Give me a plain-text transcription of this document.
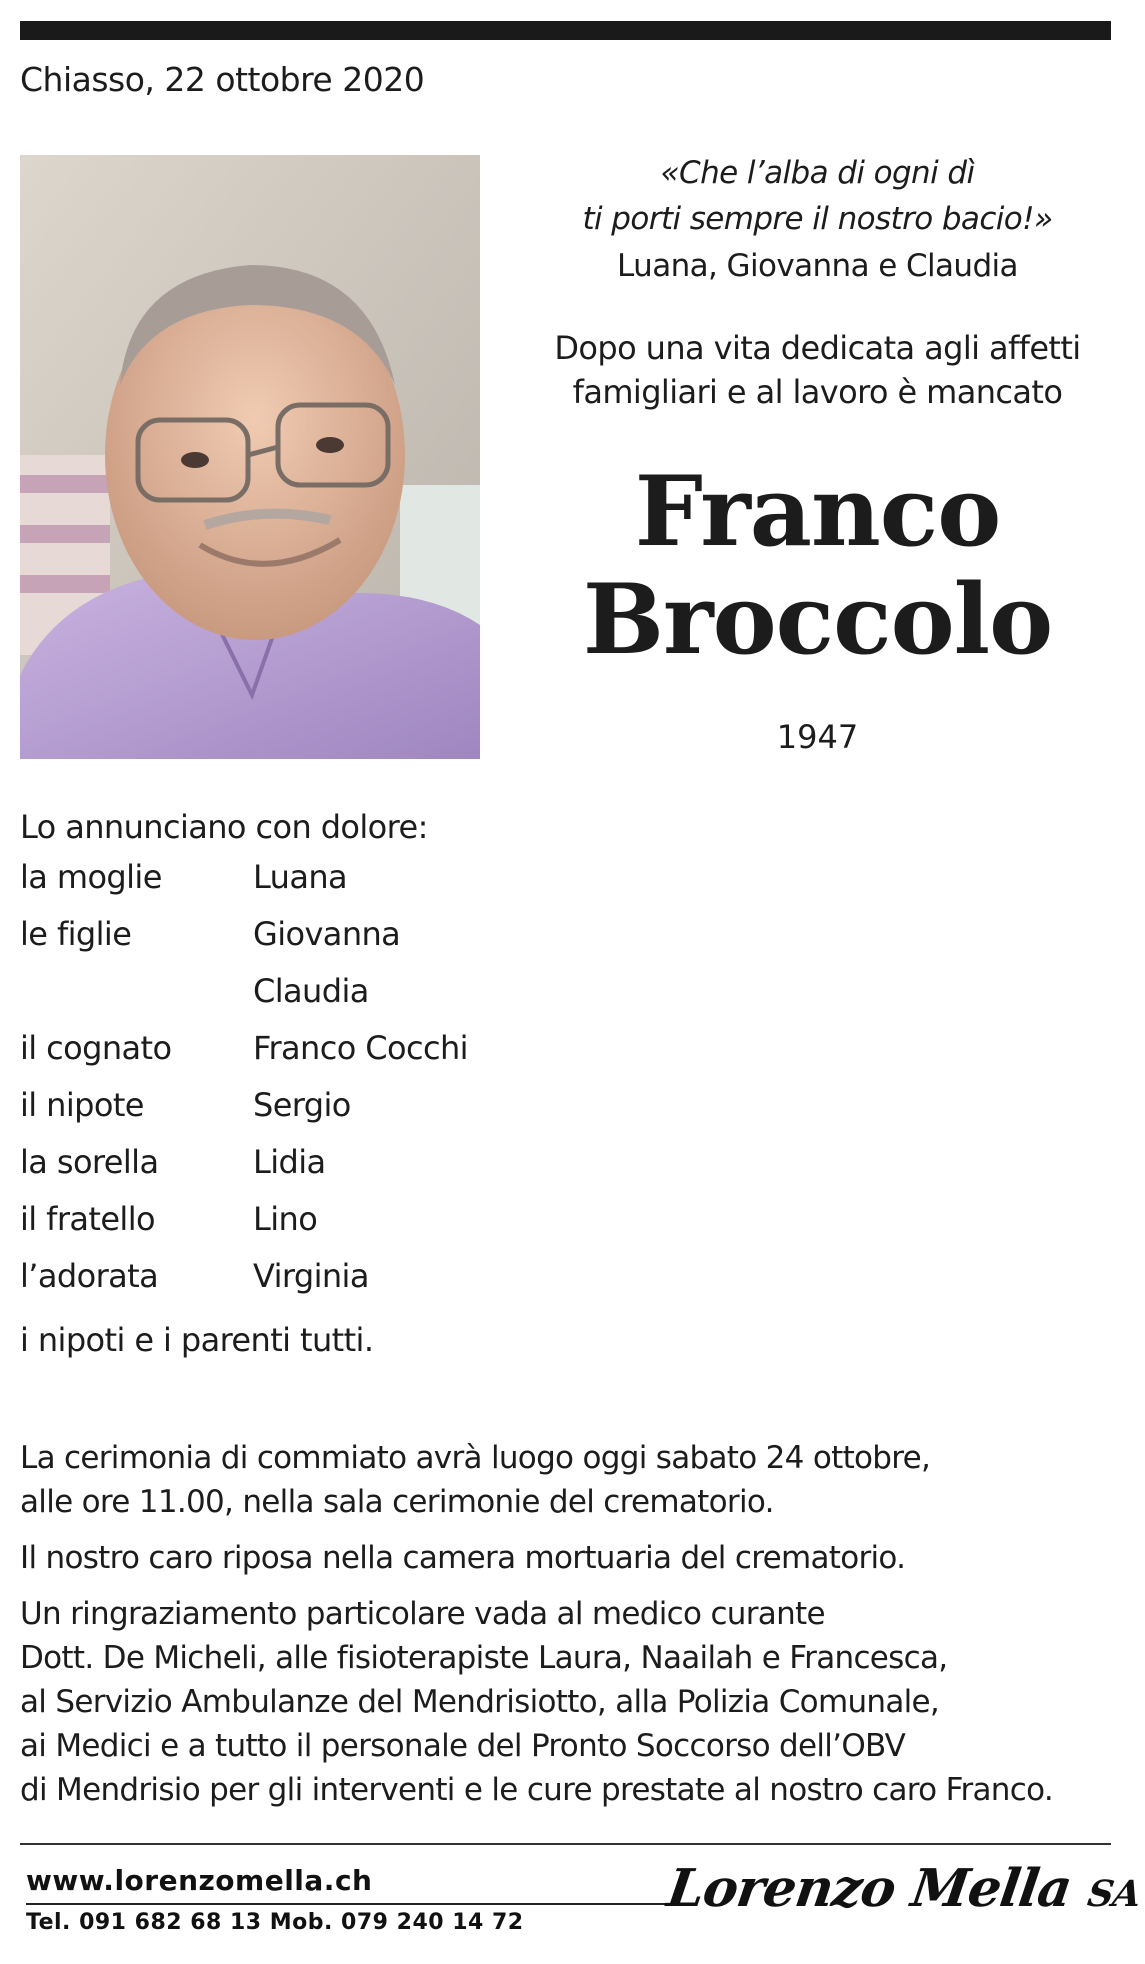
Chiasso, 22 ottobre 2020
«Che l’alba di ogni dì
ti porti sempre il nostro bacio!»
Luana, Giovanna e Claudia
Dopo una vita dedicata agli affetti
famigliari e al lavoro è mancato
Franco
Broccolo
1947
Lo annunciano con dolore:
la moglie	Luana
le figlie	Giovanna
Claudia
il cognato	Franco Cocchi
il nipote	Sergio
la sorella	Lidia
il fratello	Lino
l’adorata	Virginia
i nipoti e i parenti tutti.
La cerimonia di commiato avrà luogo oggi sabato 24 ottobre,
alle ore 11.00, nella sala cerimonie del crematorio.
Il nostro caro riposa nella camera mortuaria del crematorio.
Un ringraziamento particolare vada al medico curante
Dott. De Micheli, alle fisioterapiste Laura, Naailah e Francesca,
al Servizio Ambulanze del Mendrisiotto, alla Polizia Comunale,
ai Medici e a tutto il personale del Pronto Soccorso dell’OBV
di Mendrisio per gli interventi e le cure prestate al nostro caro Franco.
www.lorenzomella.ch
Tel. 091 682 68 13 Mob. 079 240 14 72
Lorenzo Mella SA
